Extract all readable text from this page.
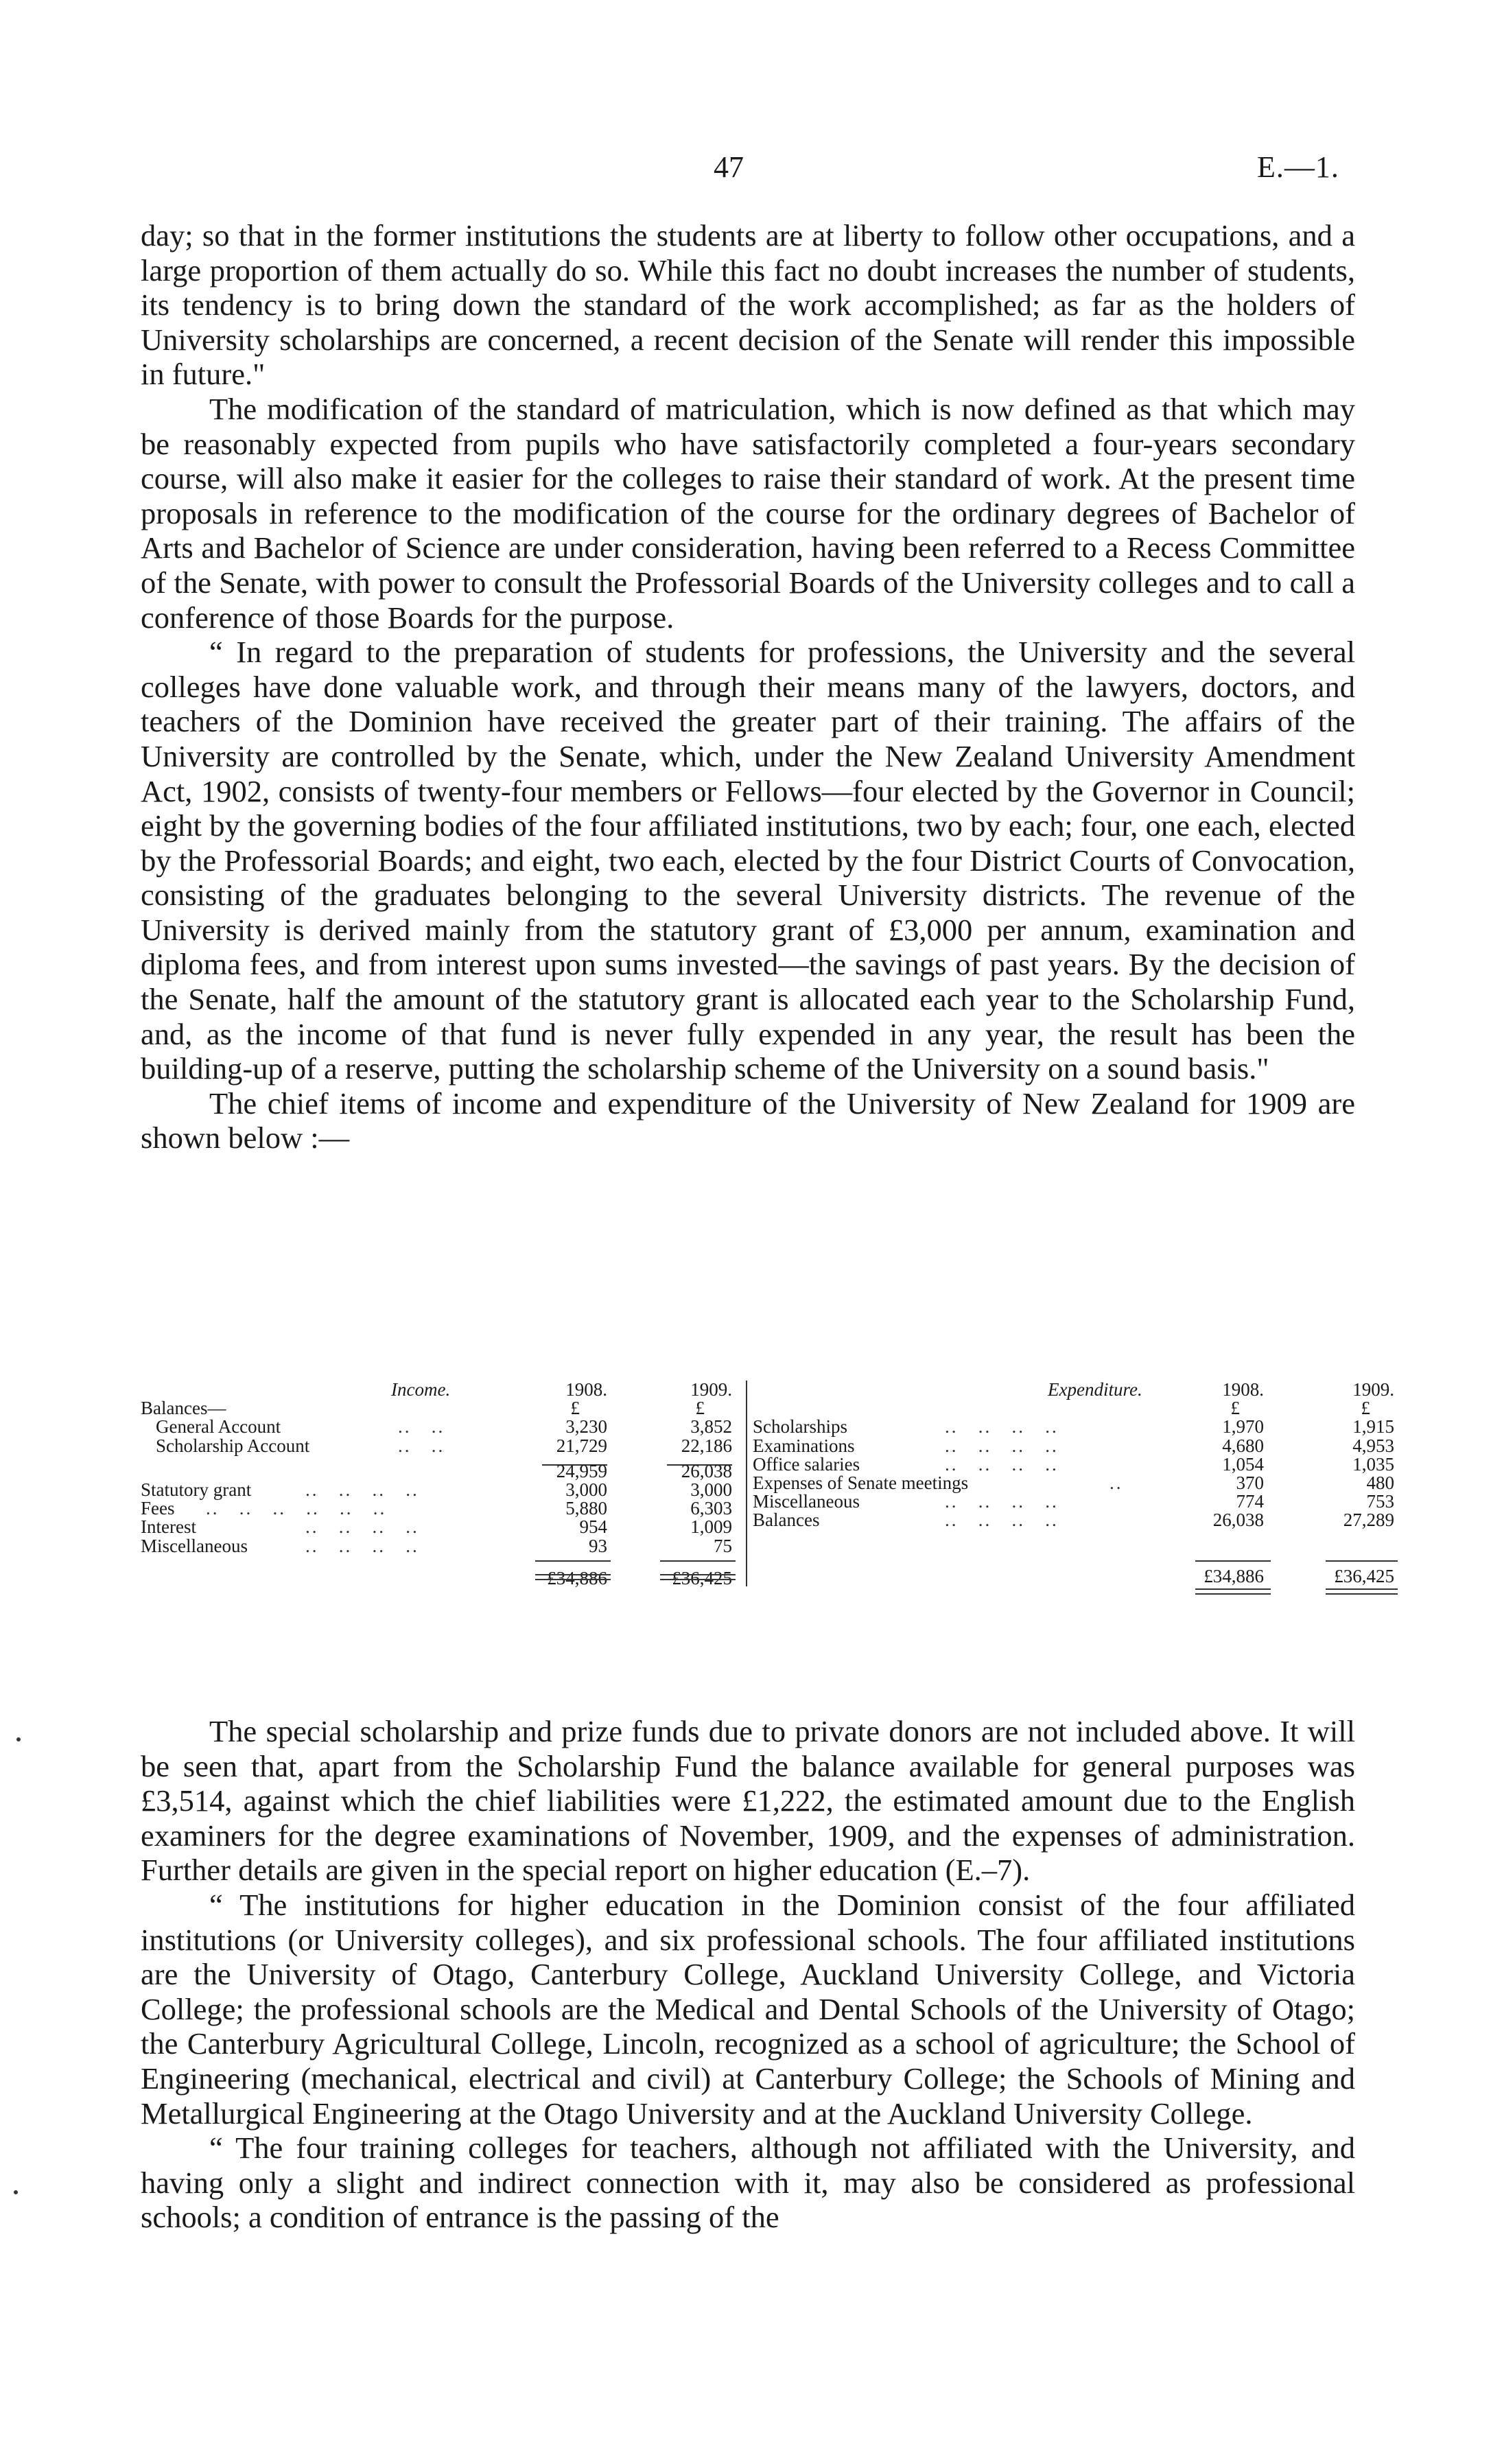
47	E.—1.

day; so that in the former institutions the students are at liberty to follow other occupations, and a large proportion of them actually do so. While this fact no doubt increases the number of students, its tendency is to bring down the standard of the work accomplished; as far as the holders of University scholarships are concerned, a recent decision of the Senate will render this impossible in future."

The modification of the standard of matriculation, which is now defined as that which may be reasonably expected from pupils who have satisfactorily completed a four-years secondary course, will also make it easier for the colleges to raise their standard of work. At the present time proposals in reference to the modification of the course for the ordinary degrees of Bachelor of Arts and Bachelor of Science are under consideration, having been referred to a Recess Committee of the Senate, with power to consult the Professorial Boards of the University colleges and to call a conference of those Boards for the purpose.

“ In regard to the preparation of students for professions, the University and the several colleges have done valuable work, and through their means many of the lawyers, doctors, and teachers of the Dominion have received the greater part of their training. The affairs of the University are controlled by the Senate, which, under the New Zealand University Amendment Act, 1902, consists of twenty-four members or Fellows—four elected by the Governor in Council; eight by the governing bodies of the four affiliated institutions, two by each; four, one each, elected by the Professorial Boards; and eight, two each, elected by the four District Courts of Convocation, consisting of the graduates belonging to the several University districts. The revenue of the University is derived mainly from the statutory grant of £3,000 per annum, examination and diploma fees, and from interest upon sums invested—the savings of past years. By the decision of the Senate, half the amount of the statutory grant is allocated each year to the Scholarship Fund, and, as the income of that fund is never fully expended in any year, the result has been the building-up of a reserve, putting the scholarship scheme of the University on a sound basis."

The chief items of income and expenditure of the University of New Zealand for 1909 are shown below :—

Income.	1908.	1909.
Balances—	£	£
General Account	..   ..	3,230	3,852
Scholarship Account	..   ..	21,729	22,186
24,959	26,038
Statutory grant	..   ..   ..   ..	3,000	3,000
Fees ..   ..   ..   ..   ..   ..	5,880	6,303
Interest	..   ..   ..   ..	954	1,009
Miscellaneous	..   ..   ..   ..	93	75
£34,886	£36,425
Expenditure.	1908.	1909.
£	£
Scholarships	..   ..   ..   ..	1,970	1,915
Examinations	..   ..   ..   ..	4,680	4,953
Office salaries	..   ..   ..   ..	1,054	1,035
Expenses of Senate meetings	..	370	480
Miscellaneous	..   ..   ..   ..	774	753
Balances	..   ..   ..   ..	26,038	27,289
£34,886	£36,425

The special scholarship and prize funds due to private donors are not included above. It will be seen that, apart from the Scholarship Fund the balance available for general purposes was £3,514, against which the chief liabilities were £1,222, the estimated amount due to the English examiners for the degree examinations of November, 1909, and the expenses of administration. Further details are given in the special report on higher education (E.–7).

“ The institutions for higher education in the Dominion consist of the four affiliated institutions (or University colleges), and six professional schools. The four affiliated institutions are the University of Otago, Canterbury College, Auckland University College, and Victoria College; the professional schools are the Medical and Dental Schools of the University of Otago; the Canterbury Agricultural College, Lincoln, recognized as a school of agriculture; the School of Engineering (mechanical, electrical and civil) at Canterbury College; the Schools of Mining and Metallurgical Engineering at the Otago University and at the Auckland University College.

“ The four training colleges for teachers, although not affiliated with the University, and having only a slight and indirect connection with it, may also be considered as professional schools; a condition of entrance is the passing of the
